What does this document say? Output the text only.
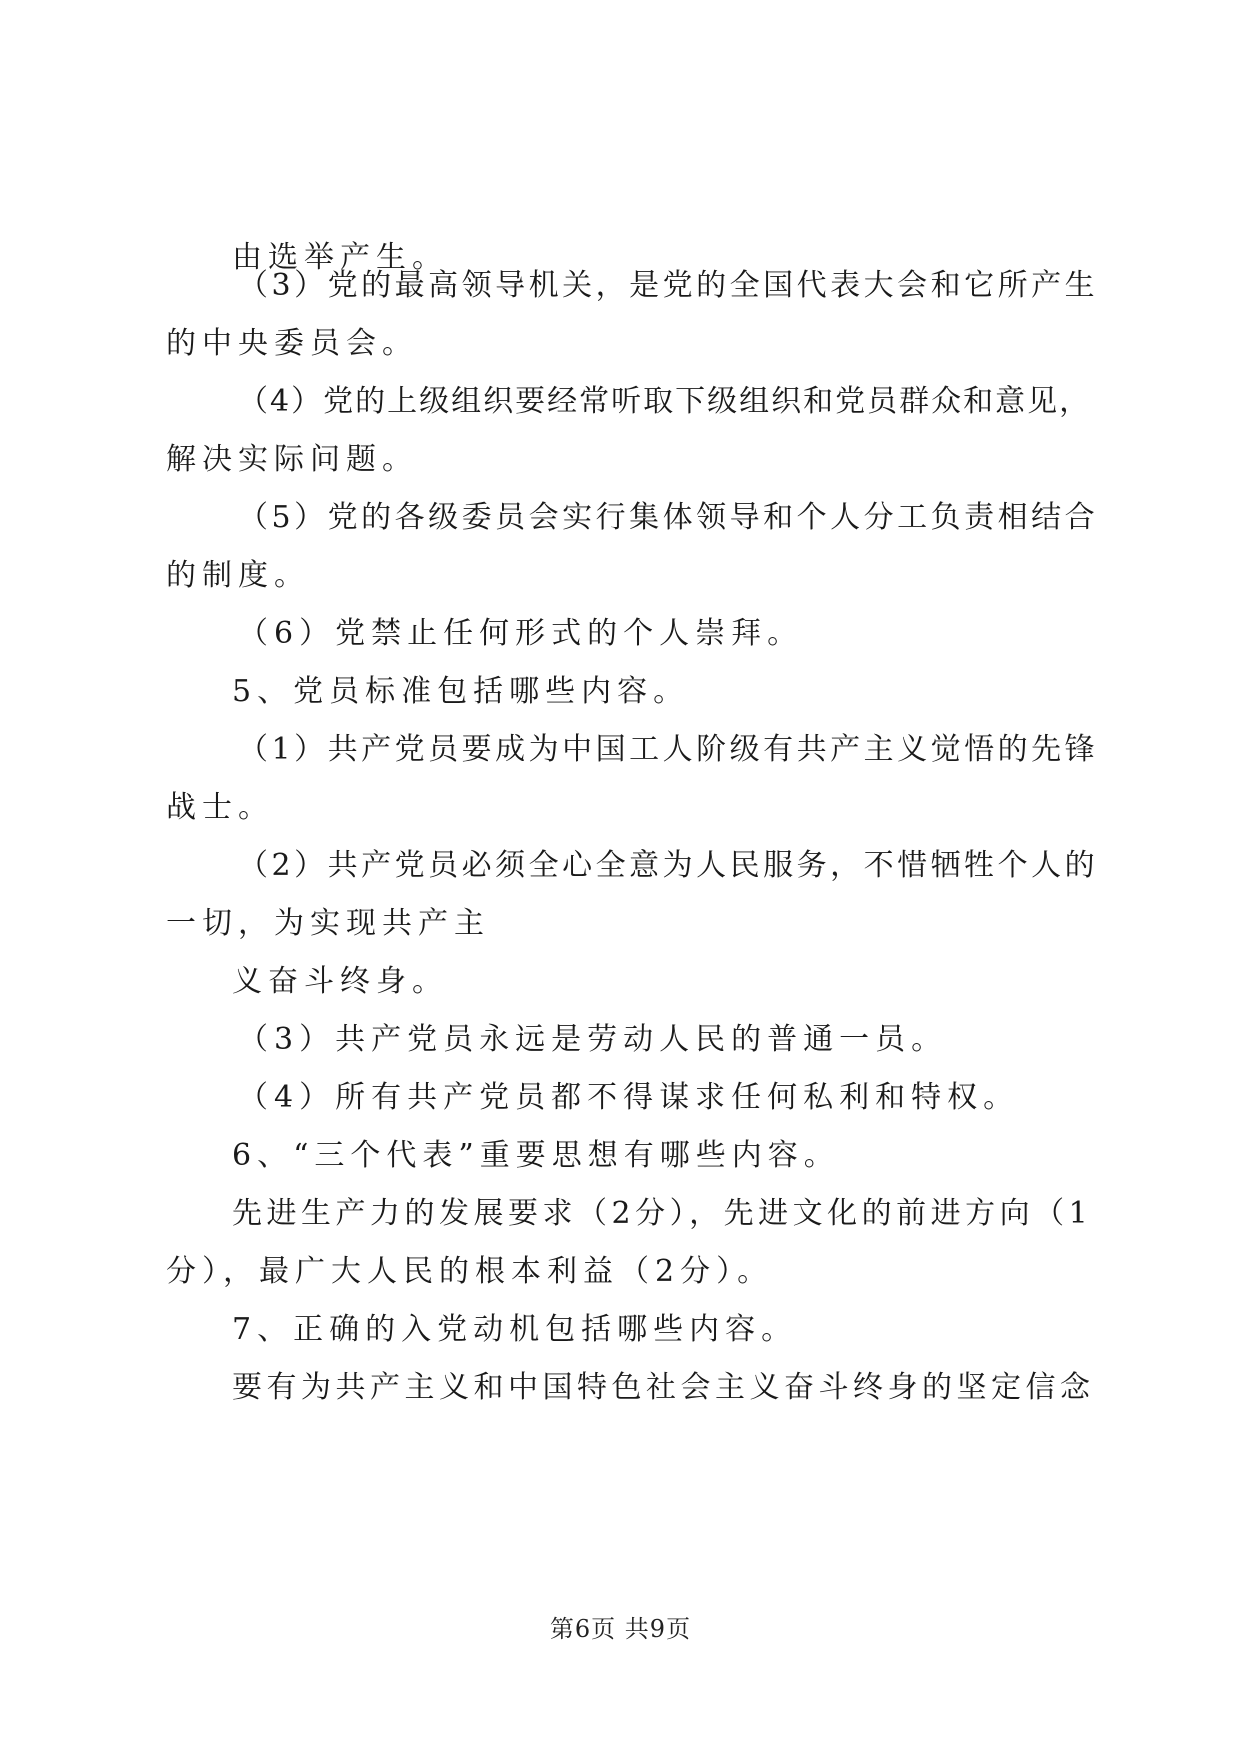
由选举产生。
（3）党的最高领导机关，是党的全国代表大会和它所产生
的中央委员会。
（4）党的上级组织要经常听取下级组织和党员群众和意见，
解决实际问题。
（5）党的各级委员会实行集体领导和个人分工负责相结合
的制度。
（6）党禁止任何形式的个人崇拜。
5、党员标准包括哪些内容。
（1）共产党员要成为中国工人阶级有共产主义觉悟的先锋
战士。
（2）共产党员必须全心全意为人民服务，不惜牺牲个人的
一切，为实现共产主
义奋斗终身。
（3）共产党员永远是劳动人民的普通一员。
（4）所有共产党员都不得谋求任何私利和特权。
6、“三个代表”重要思想有哪些内容。
先进生产力的发展要求（2分），先进文化的前进方向（1
分），最广大人民的根本利益（2分）。
7、正确的入党动机包括哪些内容。
要有为共产主义和中国特色社会主义奋斗终身的坚定信念
第6页 共9页
